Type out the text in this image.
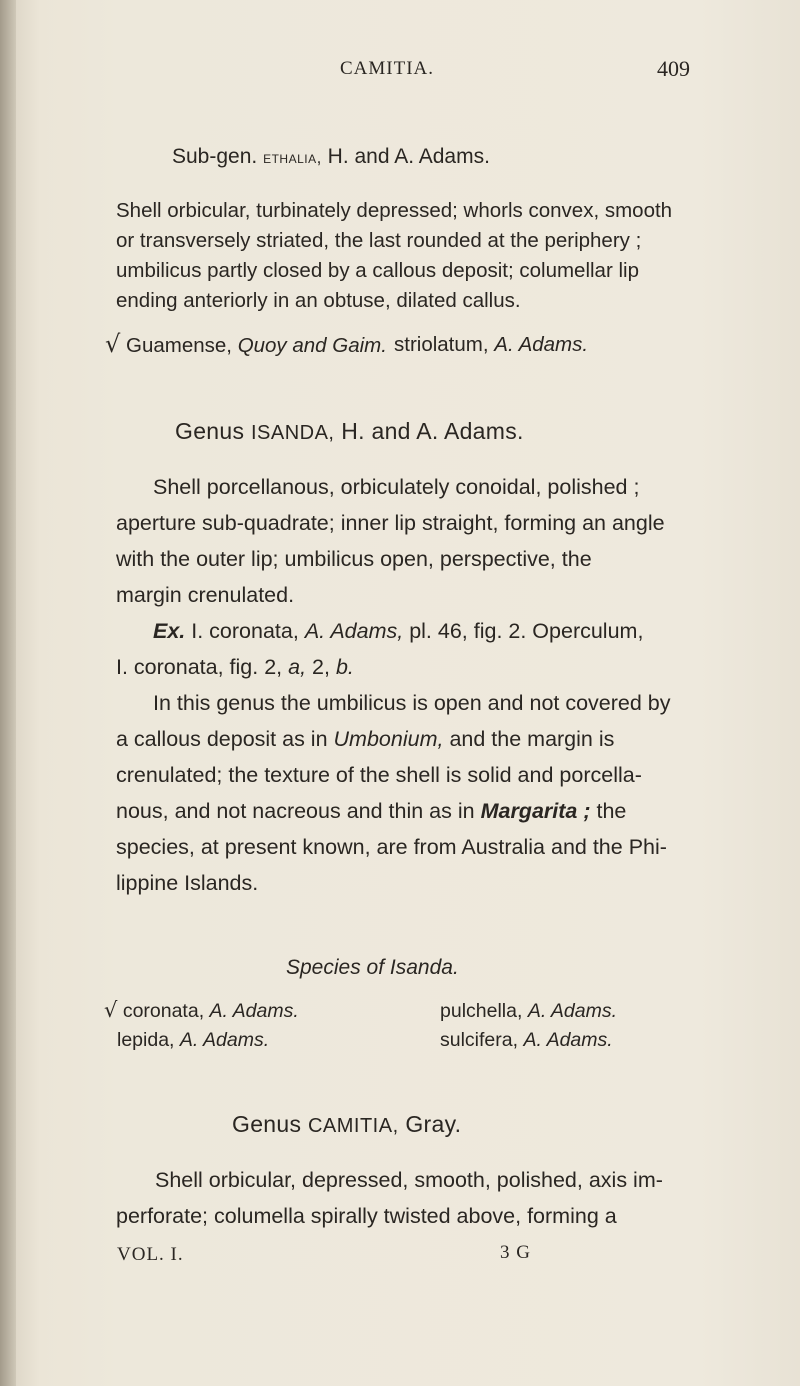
CAMITIA.	409
Sub-gen. ethalia, H. and A. Adams.
Shell orbicular, turbinately depressed; whorls convex, smooth
or transversely striated, the last rounded at the periphery ;
umbilicus partly closed by a callous deposit; columellar lip
ending anteriorly in an obtuse, dilated callus.
√ Guamense, Quoy and Gaim. striolatum, A. Adams.
Genus ISANDA, H. and A. Adams.
Shell porcellanous, orbiculately conoidal, polished ;
aperture sub-quadrate; inner lip straight, forming an angle
with the outer lip; umbilicus open, perspective, the
margin crenulated.
Ex. I. coronata, A. Adams, pl. 46, fig. 2. Operculum,
I. coronata, fig. 2, a, 2, b.
In this genus the umbilicus is open and not covered by
a callous deposit as in Umbonium, and the margin is
crenulated; the texture of the shell is solid and porcella-
nous, and not nacreous and thin as in Margarita ; the
species, at present known, are from Australia and the Phi-
lippine Islands.
Species of Isanda.
√ coronata, A. Adams.	pulchella, A. Adams.
lepida, A. Adams.	sulcifera, A. Adams.
Genus CAMITIA, Gray.
Shell orbicular, depressed, smooth, polished, axis im-
perforate; columella spirally twisted above, forming a
VOL. I.	3 G
